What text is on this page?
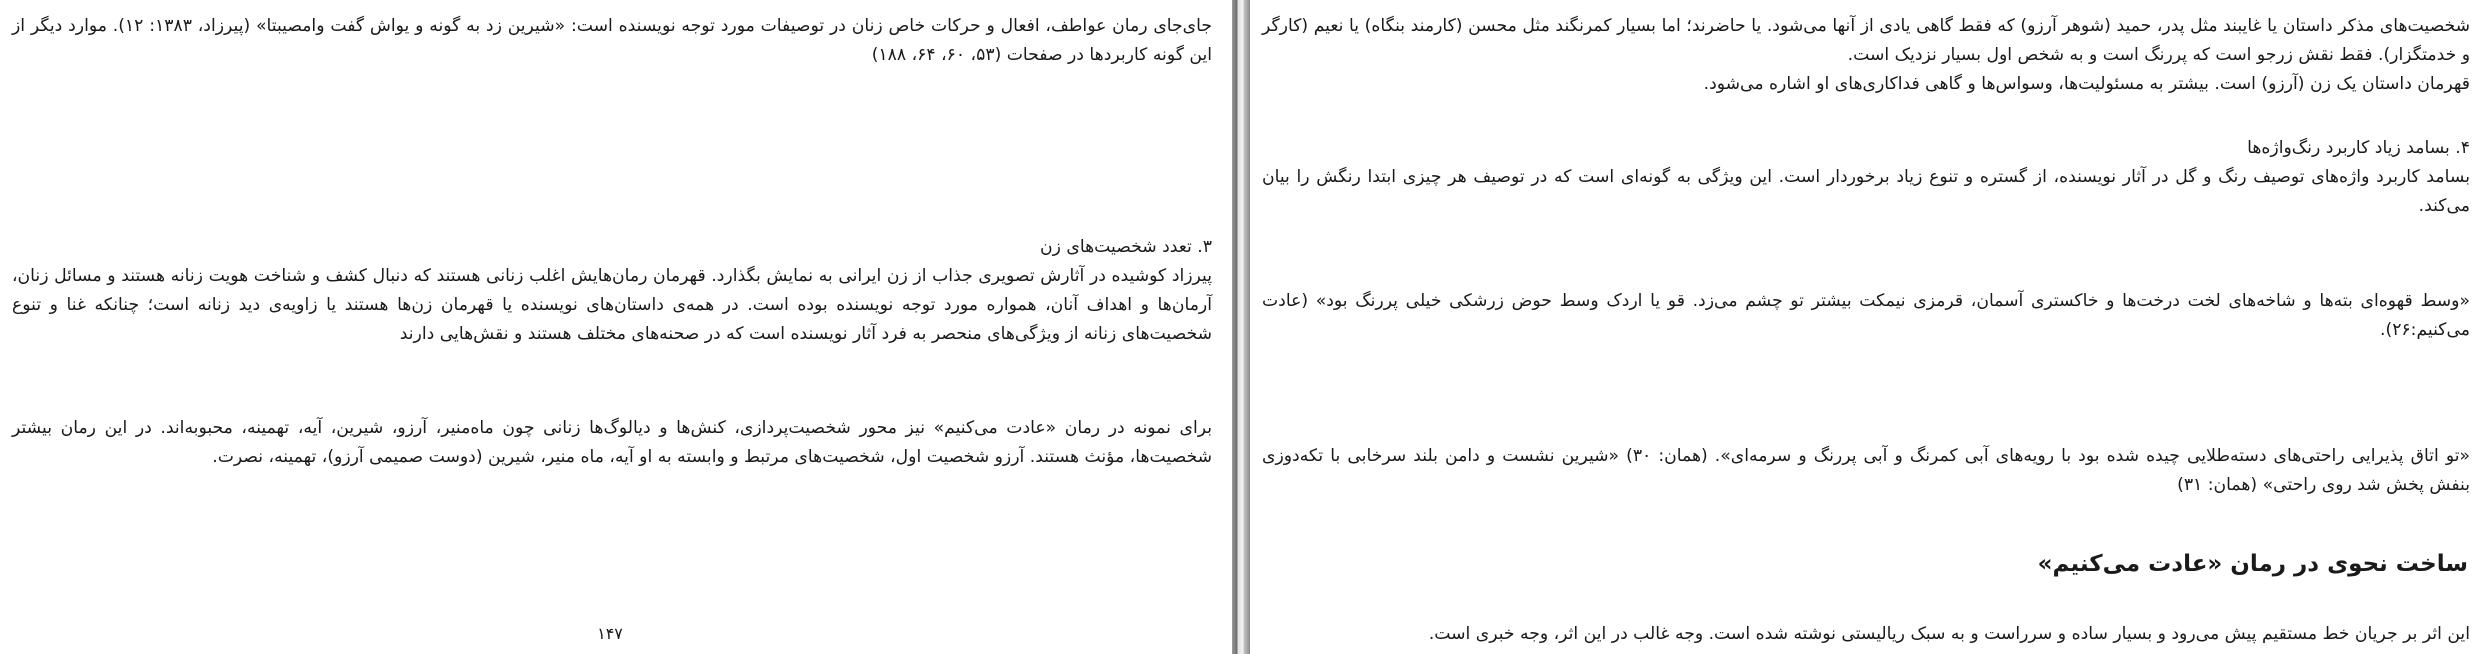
جای‌جای رمان عواطف، افعال و حرکات خاص زنان در توصیفات مورد توجه نویسنده است: «شیرین زد به گونه و یواش گفت وامصیبتا» (پیرزاد، ۱۳۸۳: ۱۲). موارد دیگر از این گونه کاربردها در صفحات (۵۳، ۶۰، ۶۴، ۱۸۸)

۳. تعدد شخصیت‌های زن

پیرزاد کوشیده در آثارش تصویری جذاب از زن ایرانی به نمایش بگذارد. قهرمان رمان‌هایش اغلب زنانی هستند که دنبال کشف و شناخت هویت زنانه هستند و مسائل زنان، آرمان‌ها و اهداف آنان، همواره مورد توجه نویسنده بوده است. در همه‌ی داستان‌های نویسنده یا قهرمان زن‌ها هستند یا زاویه‌ی دید زنانه است؛ چنانکه غنا و تنوع شخصیت‌های زنانه از ویژگی‌های منحصر به فرد آثار نویسنده است که در صحنه‌های مختلف هستند و نقش‌هایی دارند

برای نمونه در رمان «عادت می‌کنیم» نیز محور شخصیت‌پردازی، کنش‌ها و دیالوگ‌ها زنانی چون ماه‌منیر، آرزو، شیرین، آیه، تهمینه، محبوبه‌اند. در این رمان بیشتر شخصیت‌ها، مؤنث هستند. آرزو شخصیت اول، شخصیت‌های مرتبط و وابسته به او آیه، ماه منیر، شیرین (دوست صمیمی آرزو)، تهمینه، نصرت.

۱۴۷

شخصیت‌های مذکر داستان یا غایبند مثل پدر، حمید (شوهر آرزو) که فقط گاهی یادی از آنها می‌شود. یا حاضرند؛ اما بسیار کمرنگند مثل محسن (کارمند بنگاه) یا نعیم (کارگر و خدمتگزار). فقط نقش زرجو است که پررنگ است و به شخص اول بسیار نزدیک است.

قهرمان داستان یک زن (آرزو) است. بیشتر به مسئولیت‌ها، وسواس‌ها و گاهی فداکاری‌های او اشاره می‌شود.

۴. بسامد زیاد کاربرد رنگ‌واژه‌ها

بسامد کاربرد واژه‌های توصیف رنگ و گل در آثار نویسنده، از گستره و تنوع زیاد برخوردار است. این ویژگی به گونه‌ای است که در توصیف هر چیزی ابتدا رنگش را بیان می‌کند.

«وسط قهوه‌ای بته‌ها و شاخه‌های لخت درخت‌ها و خاکستری آسمان، قرمزی نیمکت بیشتر تو چشم می‌زد. قو یا اردک وسط حوض زرشکی خیلی پررنگ بود» (عادت می‌کنیم:۲۶).

«تو اتاق پذیرایی راحتی‌های دسته‌طلایی چیده شده بود با رویه‌های آبی کمرنگ و آبی پررنگ و سرمه‌ای». (همان: ۳۰) «شیرین نشست و دامن بلند سرخابی با تکه‌دوزی بنفش پخش شد روی راحتی» (همان: ۳۱)

ساخت نحوی در رمان «عادت می‌کنیم»

این اثر بر جریان خط مستقیم پیش می‌رود و بسیار ساده و سرراست و به سبک ریالیستی نوشته شده است. وجه غالب در این اثر، وجه خبری است.
